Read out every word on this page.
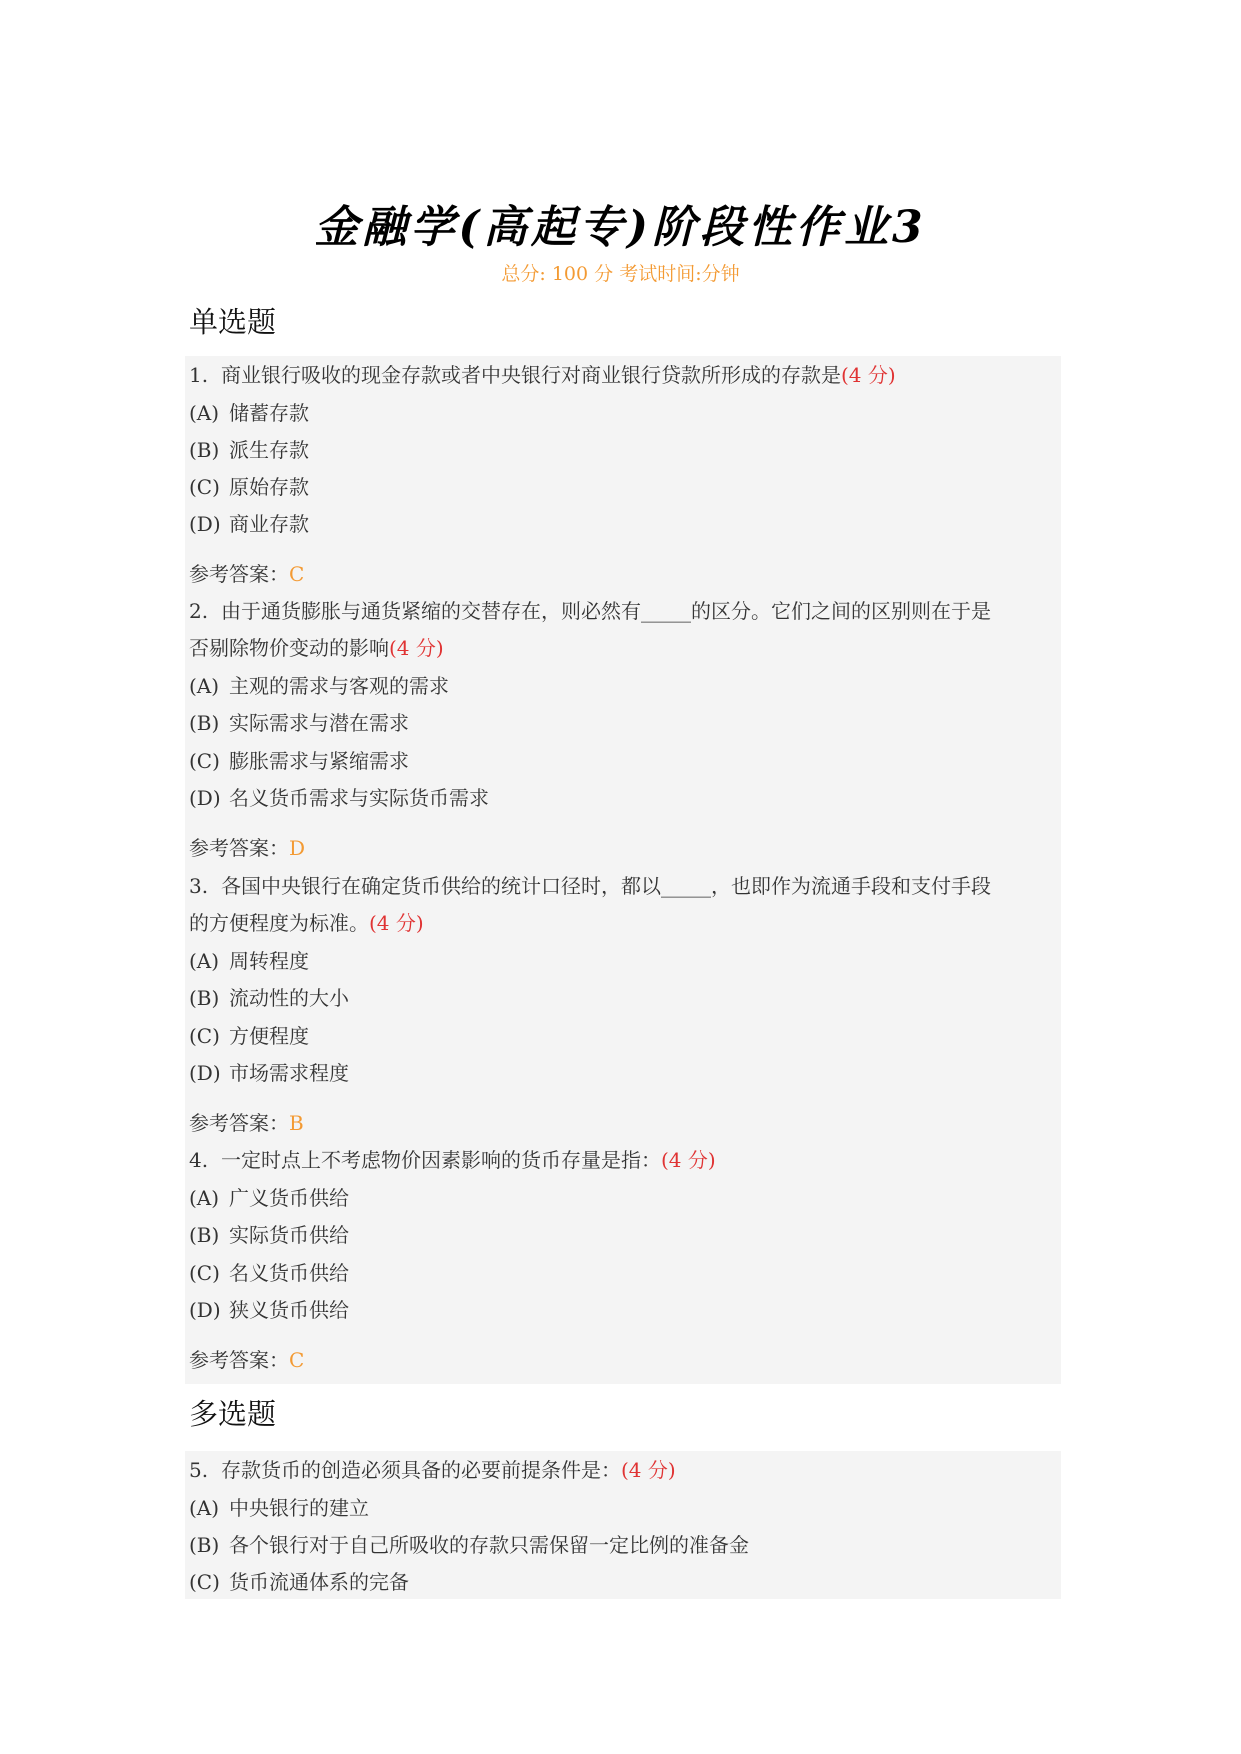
金融学(高起专)阶段性作业3
总分: 100 分 考试时间:分钟
单选题
1. 商业银行吸收的现金存款或者中央银行对商业银行贷款所形成的存款是(4 分)
(A) 储蓄存款
(B) 派生存款
(C) 原始存款
(D) 商业存款
参考答案：C
2. 由于通货膨胀与通货紧缩的交替存在，则必然有_____的区分。它们之间的区别则在于是
否剔除物价变动的影响(4 分)
(A) 主观的需求与客观的需求
(B) 实际需求与潜在需求
(C) 膨胀需求与紧缩需求
(D) 名义货币需求与实际货币需求
参考答案：D
3. 各国中央银行在确定货币供给的统计口径时，都以_____，也即作为流通手段和支付手段
的方便程度为标准。(4 分)
(A) 周转程度
(B) 流动性的大小
(C) 方便程度
(D) 市场需求程度
参考答案：B
4. 一定时点上不考虑物价因素影响的货币存量是指：(4 分)
(A) 广义货币供给
(B) 实际货币供给
(C) 名义货币供给
(D) 狭义货币供给
参考答案：C
多选题
5. 存款货币的创造必须具备的必要前提条件是：(4 分)
(A) 中央银行的建立
(B) 各个银行对于自己所吸收的存款只需保留一定比例的准备金
(C) 货币流通体系的完备
